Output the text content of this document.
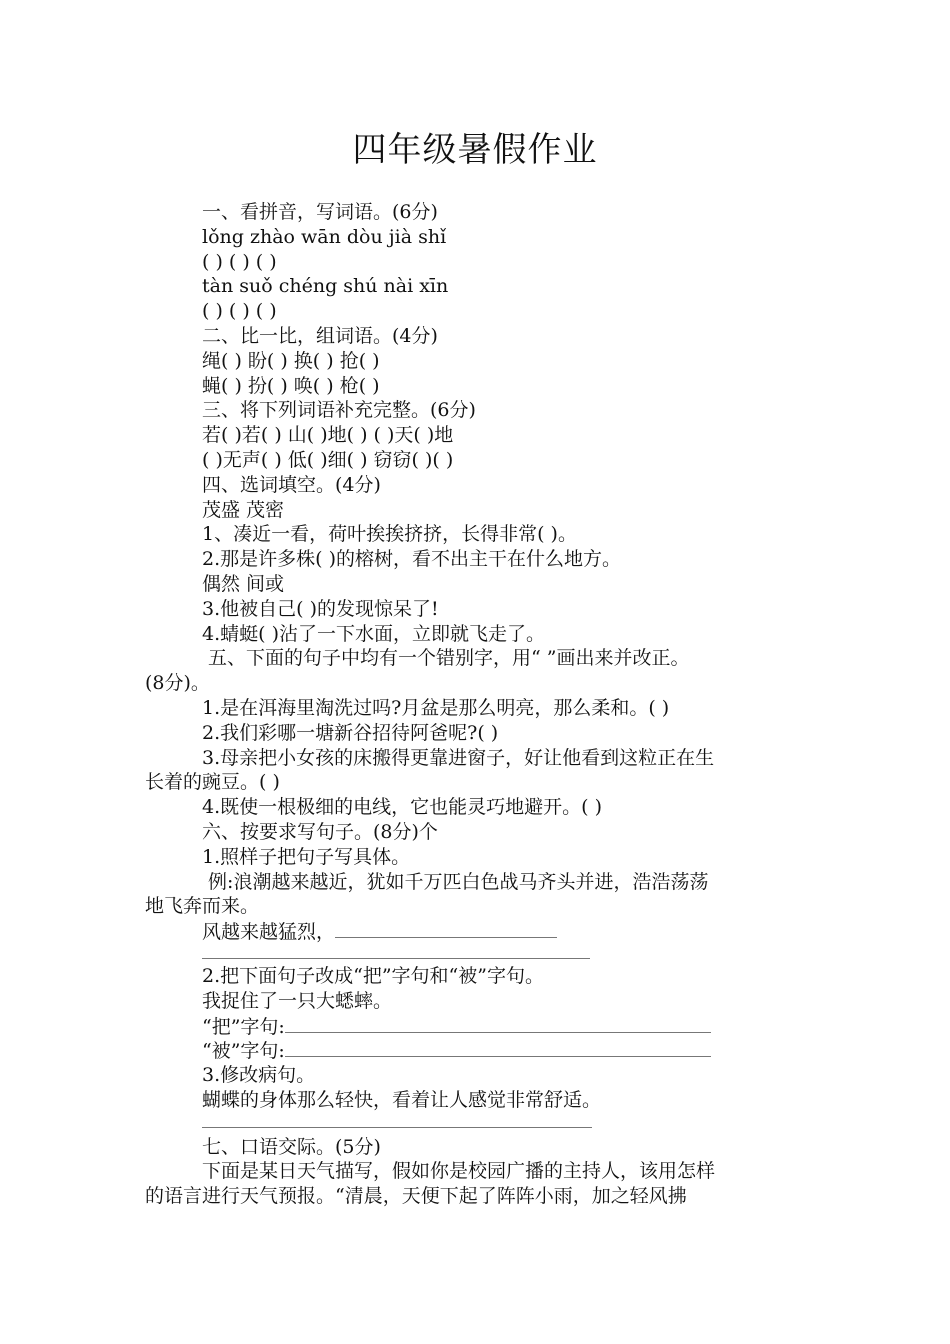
四年级暑假作业
一、看拼音，写词语。(6分)
lǒng zhào wān dòu jià shǐ
( ) ( ) ( )
tàn suǒ chéng shú nài xīn
( ) ( ) ( )
二、比一比，组词语。(4分)
绳( ) 盼( ) 换( ) 抢( )
蝇( ) 扮( ) 唤( ) 枪( )
三、将下列词语补充完整。(6分)
若( )若( ) 山( )地( ) ( )天( )地
( )无声( ) 低( )细( ) 窃窃( )( )
四、选词填空。(4分)
茂盛 茂密
1、凑近一看，荷叶挨挨挤挤，长得非常( )。
2.那是许多株( )的榕树，看不出主干在什么地方。
偶然 间或
3.他被自己( )的发现惊呆了!
4.蜻蜓( )沾了一下水面，立即就飞走了。
五、下面的句子中均有一个错别字，用“ ”画出来并改正。
(8分)。
1.是在洱海里淘洗过吗?月盆是那么明亮，那么柔和。( )
2.我们彩哪一塘新谷招待阿爸呢?( )
3.母亲把小女孩的床搬得更靠进窗子，好让他看到这粒正在生
长着的豌豆。( )
4.既使一根极细的电线，它也能灵巧地避开。( )
六、按要求写句子。(8分)个
1.照样子把句子写具体。
例:浪潮越来越近，犹如千万匹白色战马齐头并进，浩浩荡荡
地飞奔而来。
风越来越猛烈，
2.把下面句子改成“把”字句和“被”字句。
我捉住了一只大蟋蟀。
“把”字句:
“被”字句:
3.修改病句。
蝴蝶的身体那么轻快，看着让人感觉非常舒适。
七、口语交际。(5分)
下面是某日天气描写，假如你是校园广播的主持人，该用怎样
的语言进行天气预报。“清晨，天便下起了阵阵小雨，加之轻风拂
